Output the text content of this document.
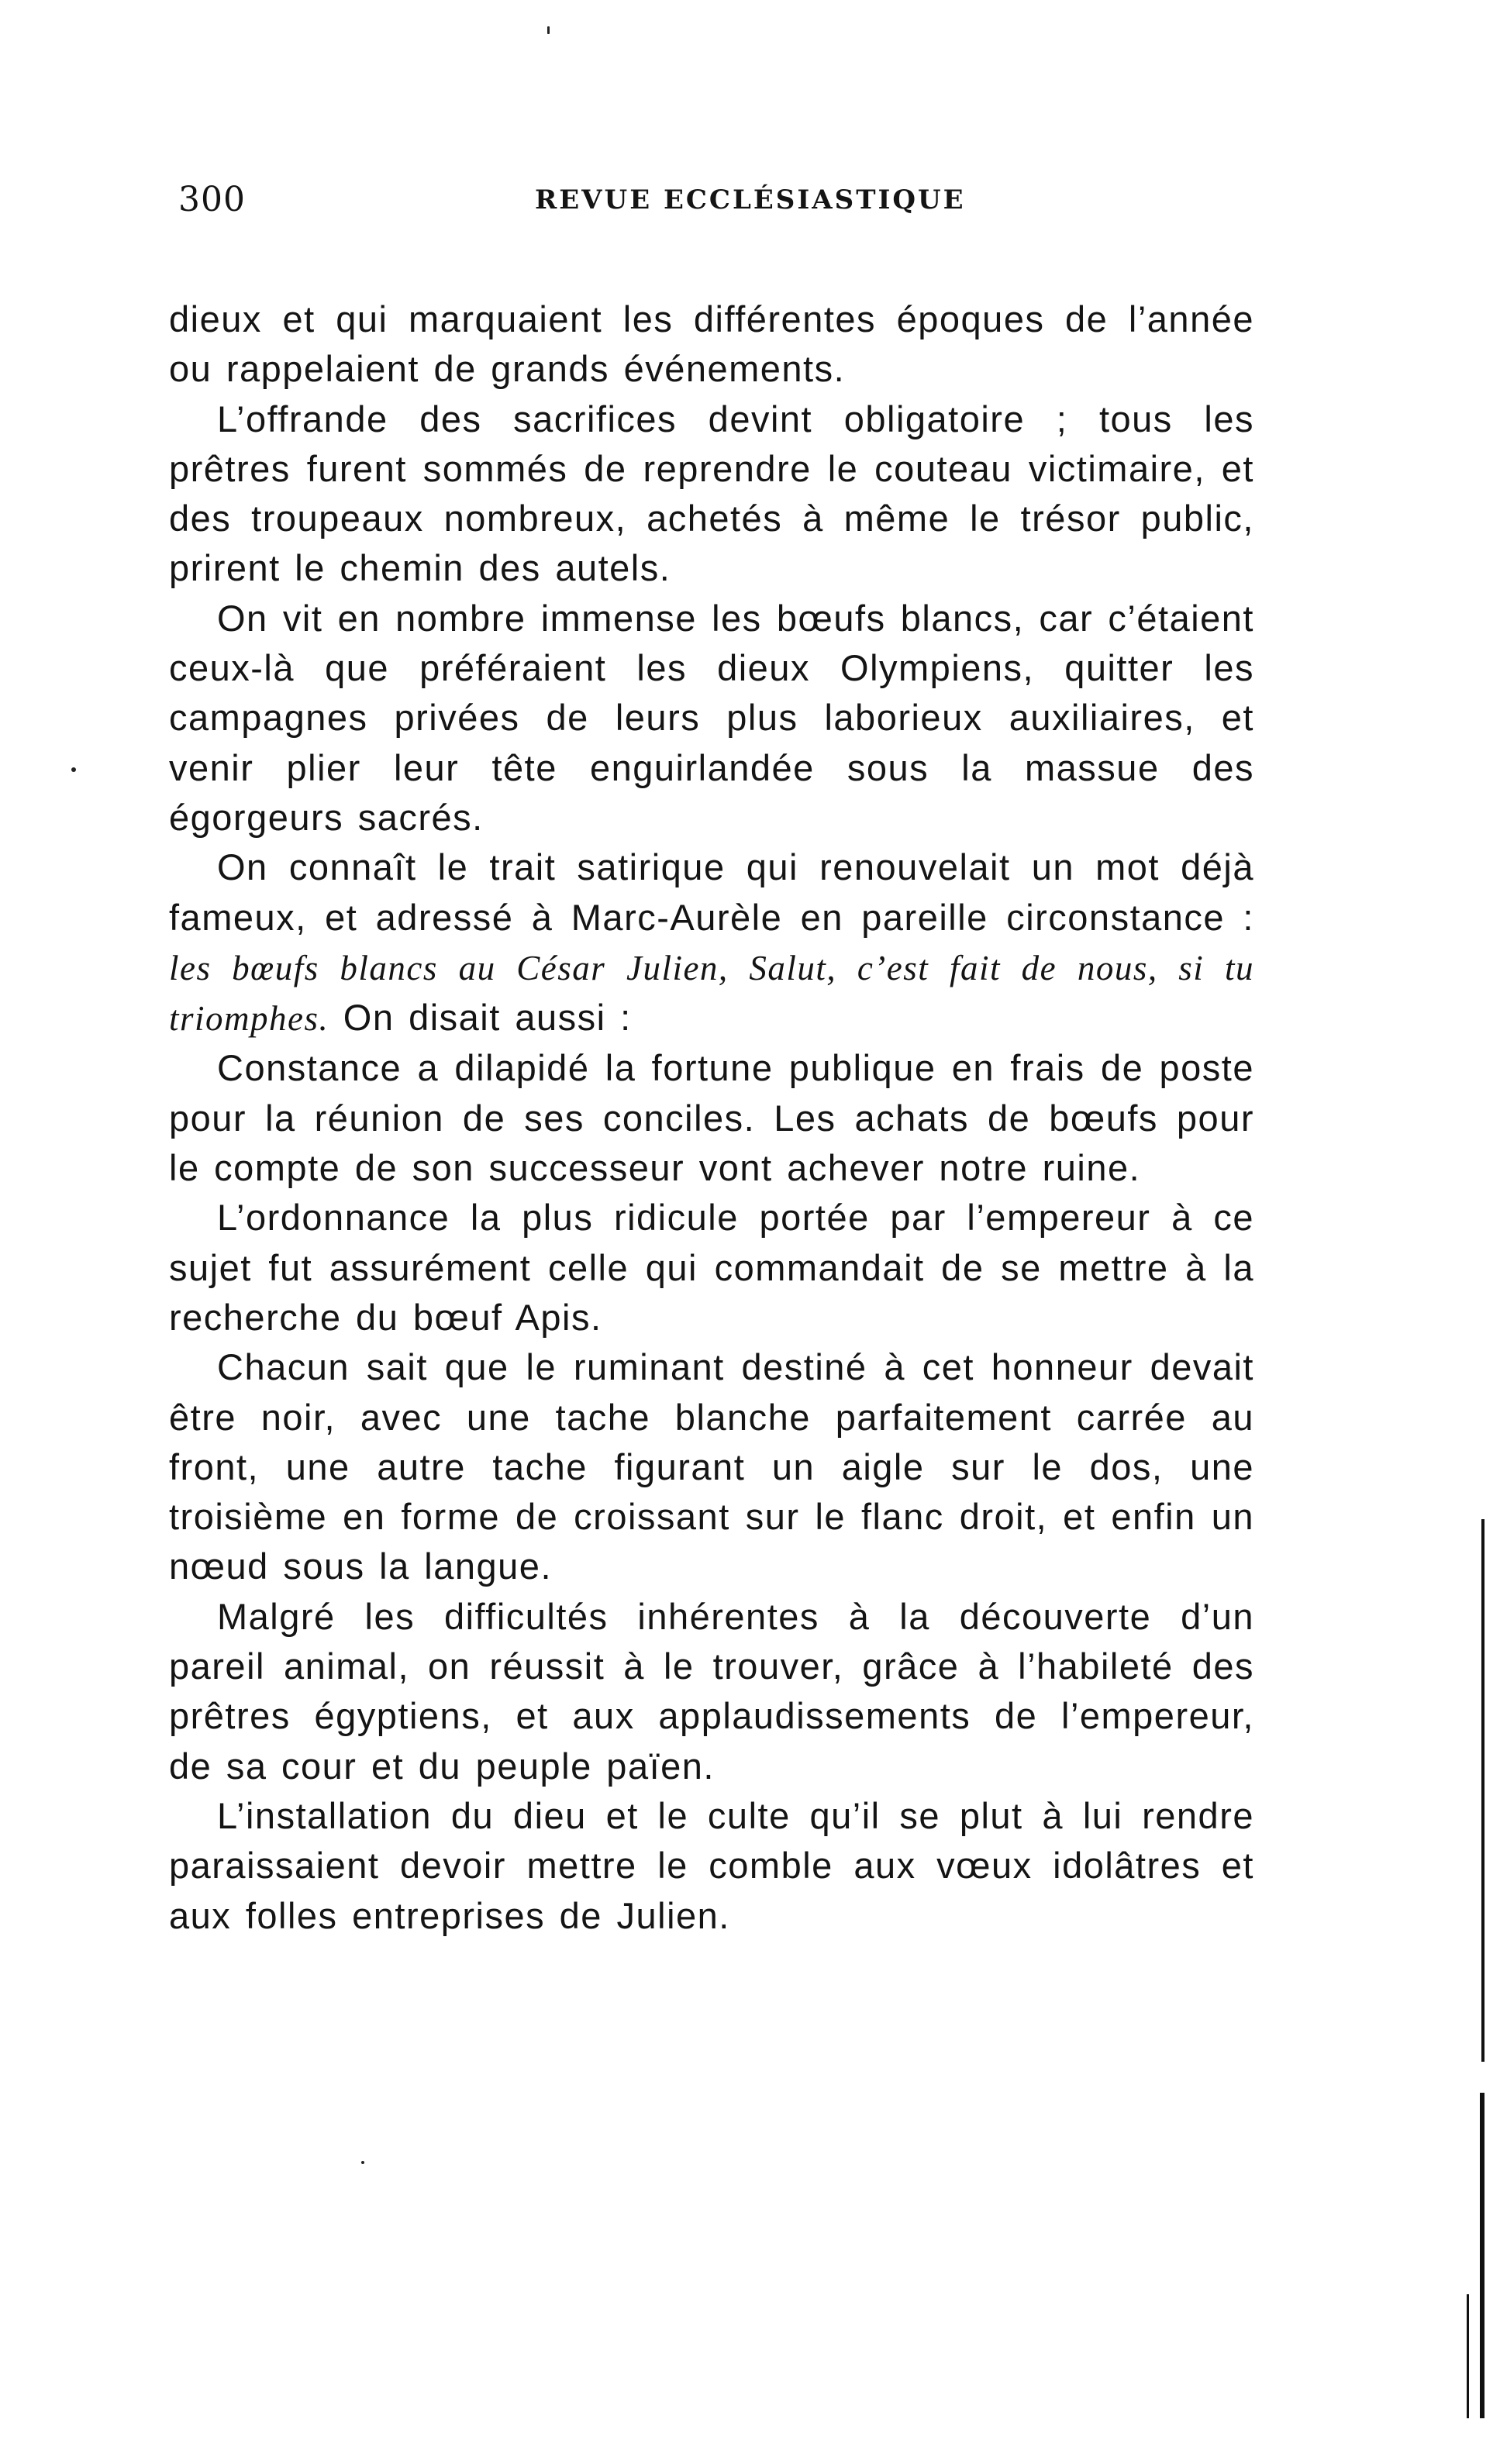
300	REVUE ECCLÉSIASTIQUE

dieux et qui marquaient les différentes époques de l’année ou rappelaient de grands événements.

L’offrande des sacrifices devint obligatoire ; tous les prêtres furent sommés de reprendre le couteau victimaire, et des troupeaux nombreux, achetés à même le trésor public, prirent le chemin des autels.

On vit en nombre immense les bœufs blancs, car c’étaient ceux-là que préféraient les dieux Olympiens, quitter les campagnes privées de leurs plus laborieux auxiliaires, et venir plier leur tête enguirlandée sous la massue des égorgeurs sacrés.

On connaît le trait satirique qui renouvelait un mot déjà fameux, et adressé à Marc-Aurèle en pareille circonstance : les bœufs blancs au César Julien, Salut, c’est fait de nous, si tu triomphes. On disait aussi :

Constance a dilapidé la fortune publique en frais de poste pour la réunion de ses conciles. Les achats de bœufs pour le compte de son successeur vont achever notre ruine.

L’ordonnance la plus ridicule portée par l’empereur à ce sujet fut assurément celle qui commandait de se mettre à la recherche du bœuf Apis.

Chacun sait que le ruminant destiné à cet honneur devait être noir, avec une tache blanche parfaitement carrée au front, une autre tache figurant un aigle sur le dos, une troisième en forme de croissant sur le flanc droit, et enfin un nœud sous la langue.

Malgré les difficultés inhérentes à la découverte d’un pareil animal, on réussit à le trouver, grâce à l’habileté des prêtres égyptiens, et aux applaudissements de l’empereur, de sa cour et du peuple païen.

L’installation du dieu et le culte qu’il se plut à lui rendre paraissaient devoir mettre le comble aux vœux idolâtres et aux folles entreprises de Julien.
